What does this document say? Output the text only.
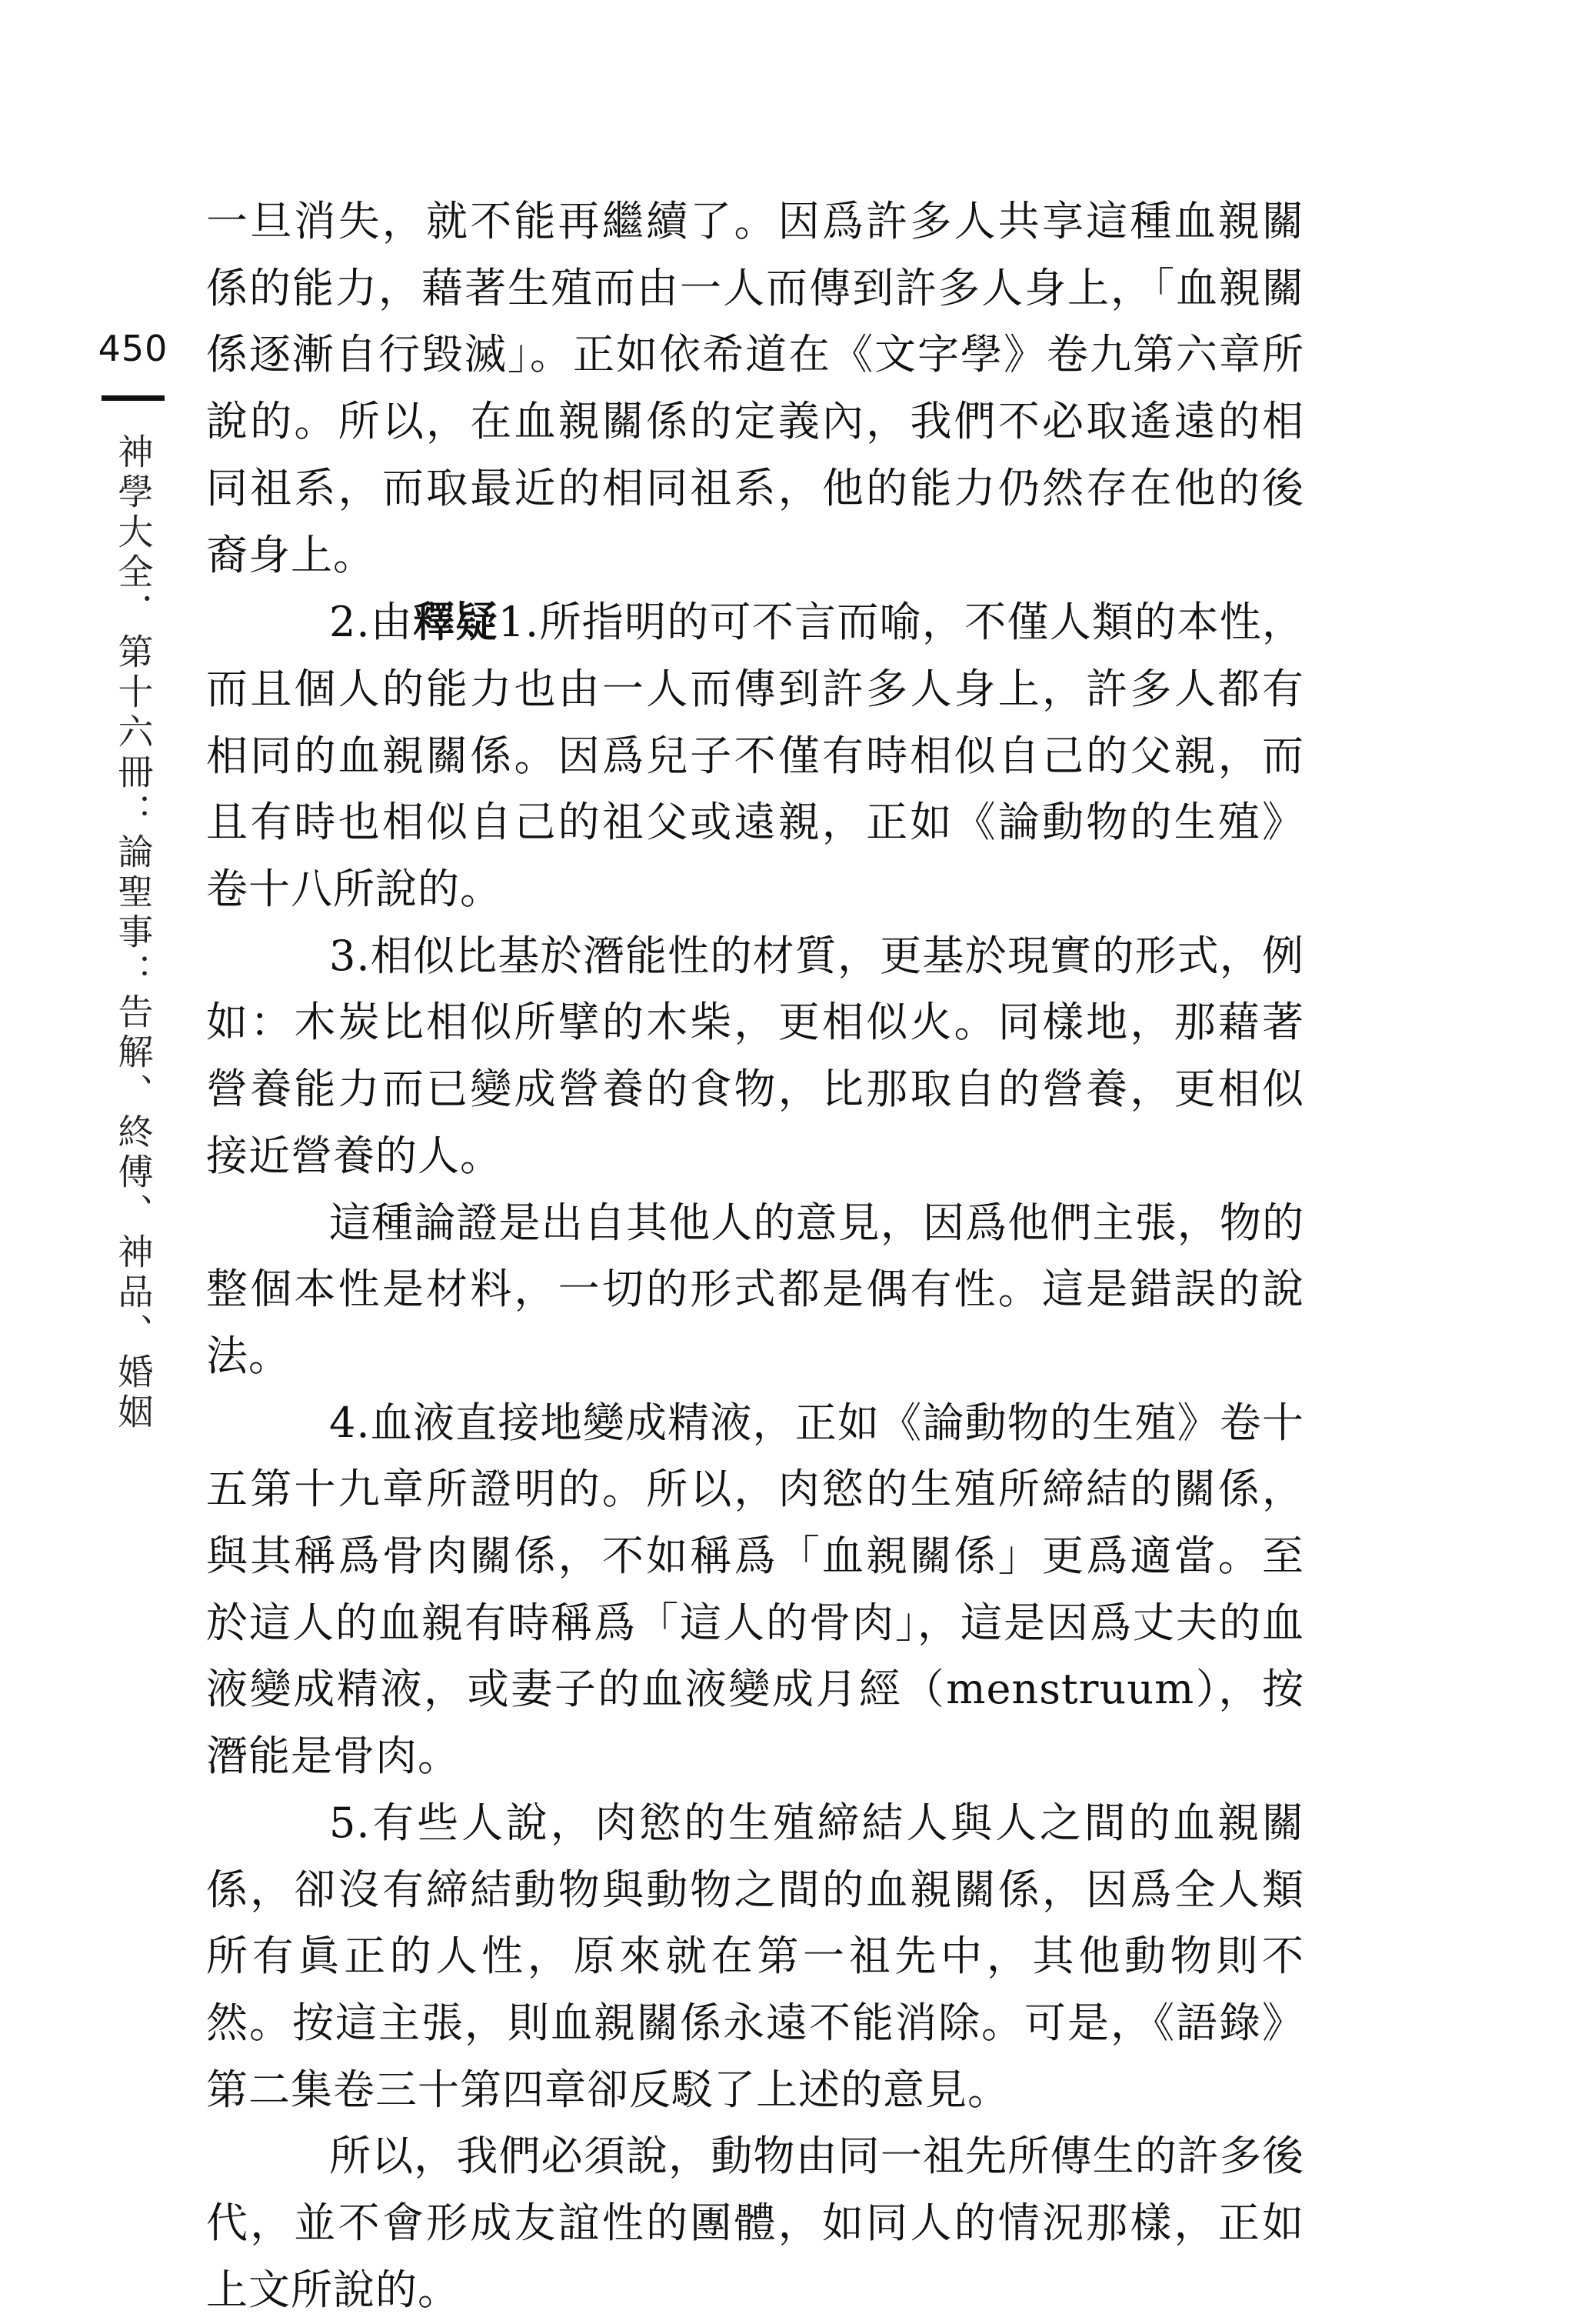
450
神學大全．第十六冊：論聖事：告解、終傅、神品、婚姻

一旦消失，就不能再繼續了。因爲許多人共享這種血親關係的能力，藉著生殖而由一人而傳到許多人身上，「血親關係逐漸自行毀滅」。正如依希道在《文字學》卷九第六章所說的。所以，在血親關係的定義內，我們不必取遙遠的相同祖系，而取最近的相同祖系，他的能力仍然存在他的後裔身上。

2.由釋疑1.所指明的可不言而喻，不僅人類的本性，而且個人的能力也由一人而傳到許多人身上，許多人都有相同的血親關係。因爲兒子不僅有時相似自己的父親，而且有時也相似自己的祖父或遠親，正如《論動物的生殖》卷十八所說的。

3.相似比基於潛能性的材質，更基於現實的形式，例如：木炭比相似所擘的木柴，更相似火。同樣地，那藉著營養能力而已變成營養的食物，比那取自的營養，更相似接近營養的人。

這種論證是出自其他人的意見，因爲他們主張，物的整個本性是材料，一切的形式都是偶有性。這是錯誤的說法。

4.血液直接地變成精液，正如《論動物的生殖》卷十五第十九章所證明的。所以，肉慾的生殖所締結的關係，與其稱爲骨肉關係，不如稱爲「血親關係」更爲適當。至於這人的血親有時稱爲「這人的骨肉」，這是因爲丈夫的血液變成精液，或妻子的血液變成月經（menstruum），按潛能是骨肉。

5.有些人說，肉慾的生殖締結人與人之間的血親關係，卻沒有締結動物與動物之間的血親關係，因爲全人類所有眞正的人性，原來就在第一祖先中，其他動物則不然。按這主張，則血親關係永遠不能消除。可是，《語錄》第二集卷三十第四章卻反駁了上述的意見。

所以，我們必須說，動物由同一祖先所傳生的許多後代，並不會形成友誼性的團體，如同人的情況那樣，正如上文所說的。
